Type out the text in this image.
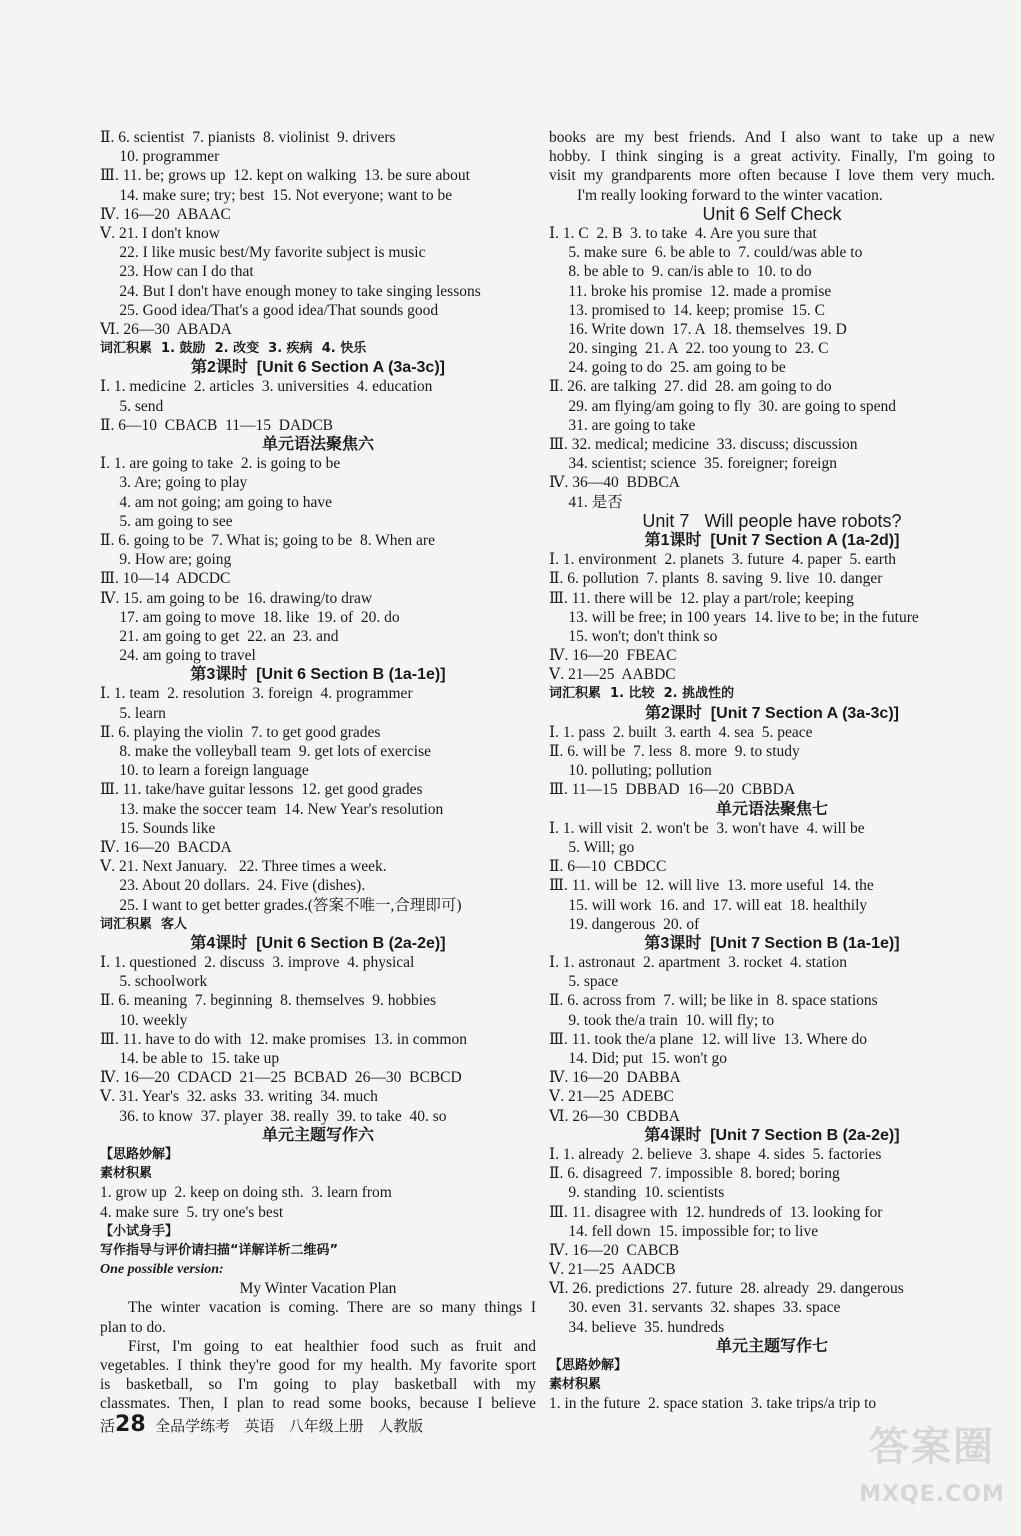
Ⅱ. 6. scientist  7. pianists  8. violinist  9. drivers
10. programmer
Ⅲ. 11. be; grows up  12. kept on walking  13. be sure about
14. make sure; try; best  15. Not everyone; want to be
Ⅳ. 16—20  ABAAC
Ⅴ. 21. I don't know
22. I like music best/My favorite subject is music
23. How can I do that
24. But I don't have enough money to take singing lessons
25. Good idea/That's a good idea/That sounds good
Ⅵ. 26—30  ABADA
词汇积累  1. 鼓励  2. 改变  3. 疾病  4. 快乐
第2课时  [Unit 6 Section A (3a-3c)]
Ⅰ. 1. medicine  2. articles  3. universities  4. education
5. send
Ⅱ. 6—10  CBACB  11—15  DADCB
单元语法聚焦六
Ⅰ. 1. are going to take  2. is going to be
3. Are; going to play
4. am not going; am going to have
5. am going to see
Ⅱ. 6. going to be  7. What is; going to be  8. When are
9. How are; going
Ⅲ. 10—14  ADCDC
Ⅳ. 15. am going to be  16. drawing/to draw
17. am going to move  18. like  19. of  20. do
21. am going to get  22. an  23. and
24. am going to travel
第3课时  [Unit 6 Section B (1a-1e)]
Ⅰ. 1. team  2. resolution  3. foreign  4. programmer
5. learn
Ⅱ. 6. playing the violin  7. to get good grades
8. make the volleyball team  9. get lots of exercise
10. to learn a foreign language
Ⅲ. 11. take/have guitar lessons  12. get good grades
13. make the soccer team  14. New Year's resolution
15. Sounds like
Ⅳ. 16—20  BACDA
Ⅴ. 21. Next January.   22. Three times a week.
23. About 20 dollars.  24. Five (dishes).
25. I want to get better grades.(答案不唯一,合理即可)
词汇积累  客人
第4课时  [Unit 6 Section B (2a-2e)]
Ⅰ. 1. questioned  2. discuss  3. improve  4. physical
5. schoolwork
Ⅱ. 6. meaning  7. beginning  8. themselves  9. hobbies
10. weekly
Ⅲ. 11. have to do with  12. make promises  13. in common
14. be able to  15. take up
Ⅳ. 16—20  CDACD  21—25  BCBAD  26—30  BCBCD
Ⅴ. 31. Year's  32. asks  33. writing  34. much
36. to know  37. player  38. really  39. to take  40. so
单元主题写作六
【思路妙解】
素材积累
1. grow up  2. keep on doing sth.  3. learn from
4. make sure  5. try one's best
【小试身手】
写作指导与评价请扫描“详解详析二维码”
One possible version:
My Winter Vacation Plan
The winter vacation is coming. There are so many things I
plan to do.
First, I'm going to eat healthier food such as fruit and
vegetables. I think they're good for my health. My favorite sport
is basketball, so I'm going to play basketball with my
classmates. Then, I plan to read some books, because I believe
books are my best friends. And I also want to take up a new
hobby. I think singing is a great activity. Finally, I'm going to
visit my grandparents more often because I love them very much.
I'm really looking forward to the winter vacation.
Unit 6 Self Check
Ⅰ. 1. C  2. B  3. to take  4. Are you sure that
5. make sure  6. be able to  7. could/was able to
8. be able to  9. can/is able to  10. to do
11. broke his promise  12. made a promise
13. promised to  14. keep; promise  15. C
16. Write down  17. A  18. themselves  19. D
20. singing  21. A  22. too young to  23. C
24. going to do  25. am going to be
Ⅱ. 26. are talking  27. did  28. am going to do
29. am flying/am going to fly  30. are going to spend
31. are going to take
Ⅲ. 32. medical; medicine  33. discuss; discussion
34. scientist; science  35. foreigner; foreign
Ⅳ. 36—40  BDBCA
41. 是否
Unit 7   Will people have robots?
第1课时  [Unit 7 Section A (1a-2d)]
Ⅰ. 1. environment  2. planets  3. future  4. paper  5. earth
Ⅱ. 6. pollution  7. plants  8. saving  9. live  10. danger
Ⅲ. 11. there will be  12. play a part/role; keeping
13. will be free; in 100 years  14. live to be; in the future
15. won't; don't think so
Ⅳ. 16—20  FBEAC
Ⅴ. 21—25  AABDC
词汇积累  1. 比较  2. 挑战性的
第2课时  [Unit 7 Section A (3a-3c)]
Ⅰ. 1. pass  2. built  3. earth  4. sea  5. peace
Ⅱ. 6. will be  7. less  8. more  9. to study
10. polluting; pollution
Ⅲ. 11—15  DBBAD  16—20  CBBDA
单元语法聚焦七
Ⅰ. 1. will visit  2. won't be  3. won't have  4. will be
5. Will; go
Ⅱ. 6—10  CBDCC
Ⅲ. 11. will be  12. will live  13. more useful  14. the
15. will work  16. and  17. will eat  18. healthily
19. dangerous  20. of
第3课时  [Unit 7 Section B (1a-1e)]
Ⅰ. 1. astronaut  2. apartment  3. rocket  4. station
5. space
Ⅱ. 6. across from  7. will; be like in  8. space stations
9. took the/a train  10. will fly; to
Ⅲ. 11. took the/a plane  12. will live  13. Where do
14. Did; put  15. won't go
Ⅳ. 16—20  DABBA
Ⅴ. 21—25  ADEBC
Ⅵ. 26—30  CBDBA
第4课时  [Unit 7 Section B (2a-2e)]
Ⅰ. 1. already  2. believe  3. shape  4. sides  5. factories
Ⅱ. 6. disagreed  7. impossible  8. bored; boring
9. standing  10. scientists
Ⅲ. 11. disagree with  12. hundreds of  13. looking for
14. fell down  15. impossible for; to live
Ⅳ. 16—20  CABCB
Ⅴ. 21—25  AADCB
Ⅵ. 26. predictions  27. future  28. already  29. dangerous
30. even  31. servants  32. shapes  33. space
34. believe  35. hundreds
单元主题写作七
【思路妙解】
素材积累
1. in the future  2. space station  3. take trips/a trip to
活28  全品学练考   英语   八年级上册   人教版	答案圈
MXQE.COM
